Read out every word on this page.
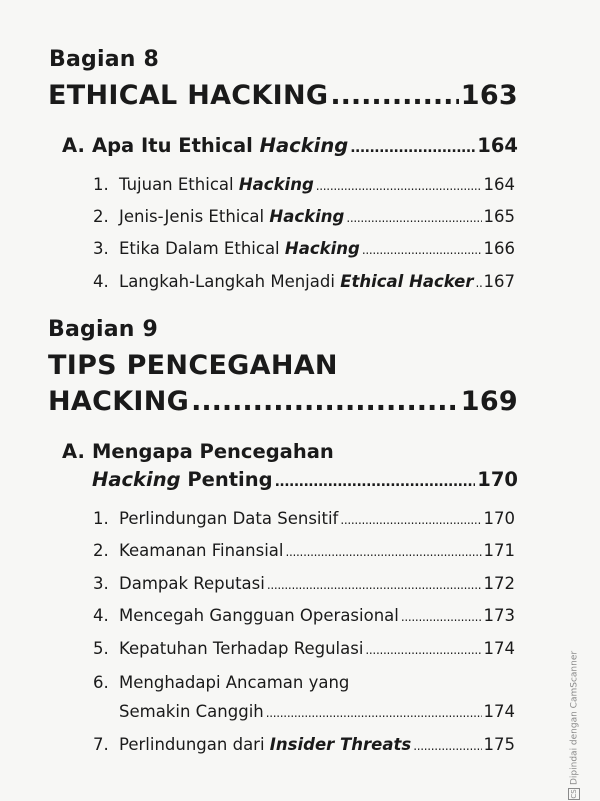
Bagian 8
ETHICAL HACKING .....	163
A. Apa Itu Ethical Hacking .....	164
1. Tujuan Ethical Hacking .....	164
2. Jenis-Jenis Ethical Hacking .....	165
3. Etika Dalam Ethical Hacking .....	166
4. Langkah-Langkah Menjadi Ethical Hacker ..... 167
Bagian 9
TIPS PENCEGAHAN
HACKING .....	169
A. Mengapa Pencegahan
Hacking Penting .....	170
1. Perlindungan Data Sensitif .....	170
2. Keamanan Finansial .....	171
3. Dampak Reputasi .....	172
4. Mencegah Gangguan Operasional .....	173
5. Kepatuhan Terhadap Regulasi .....	174
6. Menghadapi Ancaman yang
Semakin Canggih .....	174
7. Perlindungan dari Insider Threats .....	175
CSDipindai dengan CamScanner
